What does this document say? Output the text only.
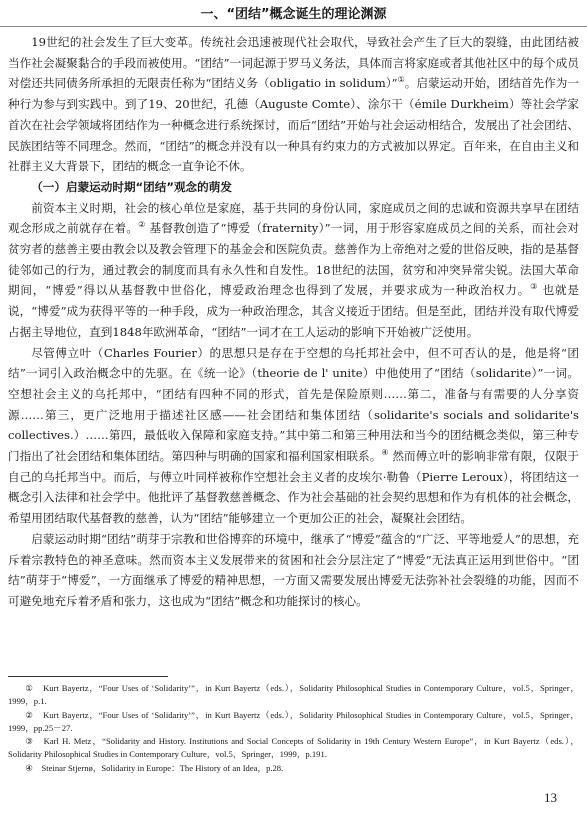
一、“团结”概念诞生的理论渊源

19世纪的社会发生了巨大变革。传统社会迅速被现代社会取代，导致社会产生了巨大的裂缝，由此团结被当作社会凝聚黏合的手段而被使用。“团结”一词起源于罗马义务法，具体而言将家庭或者其他社区中的每个成员对偿还共同债务所承担的无限责任称为“团结义务（obligatio in solidum）”①。启蒙运动开始，团结首先作为一种行为参与到实践中。到了19、20世纪，孔德（Auguste Comte）、涂尔干（émile Durkheim）等社会学家首次在社会学领域将团结作为一种概念进行系统探讨，而后“团结”开始与社会运动相结合，发展出了社会团结、民族团结等不同理念。然而，“团结”的概念并没有以一种具有约束力的方式被加以界定。百年来，在自由主义和社群主义大背景下，团结的概念一直争论不休。

（一）启蒙运动时期“团结”观念的萌发

前资本主义时期，社会的核心单位是家庭，基于共同的身份认同，家庭成员之间的忠诚和资源共享早在团结观念形成之前就存在着。② 基督教创造了“博爱（fraternity）”一词，用于形容家庭成员之间的关系，而社会对贫穷者的慈善主要由教会以及教会管理下的基金会和医院负责。慈善作为上帝绝对之爱的世俗反映，指的是基督徒邻如己的行为，通过教会的制度而具有永久性和自发性。18世纪的法国，贫穷和冲突异常尖锐。法国大革命期间，“博爱”得以从基督教中世俗化，博爱政治理念也得到了发展，并要求成为一种政治权力。③ 也就是说，“博爱”成为获得平等的一种手段，成为一种政治理念，其含义接近于团结。但是至此，团结并没有取代博爱占据主导地位，直到1848年欧洲革命，“团结”一词才在工人运动的影响下开始被广泛使用。

尽管傅立叶（Charles Fourier）的思想只是存在于空想的乌托邦社会中，但不可否认的是，他是将“团结”一词引入政治概念中的先驱。在《统一论》（theorie de l' unite）中他使用了“团结（solidarite）”一词。空想社会主义的乌托邦中，“团结有四种不同的形式，首先是保险原则……第二，准备与有需要的人分享资源……第三，更广泛地用于描述社区感——社会团结和集体团结（solidarite's socials and solidarite's collectives.）……第四，最低收入保障和家庭支持。”其中第二和第三种用法和当今的团结概念类似，第三种专门指出了社会团结和集体团结。第四种与明确的国家和福利国家相联系。④ 然而傅立叶的影响非常有限，仅限于自己的乌托邦当中。而后，与傅立叶同样被称作空想社会主义者的皮埃尔·勒鲁（Pierre Leroux），将团结这一概念引入法律和社会学中。他批评了基督教慈善概念、作为社会基础的社会契约思想和作为有机体的社会概念，希望用团结取代基督教的慈善，认为“团结”能够建立一个更加公正的社会，凝聚社会团结。

启蒙运动时期“团结”萌芽于宗教和世俗博弈的环境中，继承了“博爱”蕴含的“广泛、平等地爱人”的思想，充斥着宗教特色的神圣意味。然而资本主义发展带来的贫困和社会分层注定了“博爱”无法真正运用到世俗中。“团结”萌芽于“博爱”，一方面继承了博爱的精神思想，一方面又需要发展出博爱无法弥补社会裂缝的功能，因而不可避免地充斥着矛盾和张力，这也成为“团结”概念和功能探讨的核心。

①　Kurt Bayertz，“Four Uses of ‘Solidarity’”，in Kurt Bayertz（eds.），Solidarity Philosophical Studies in Contemporary Culture，vol.5，Springer，1999，p.1.
②　Kurt Bayertz，“Four Uses of ‘Solidarity’”，in Kurt Bayertz（eds.），Solidarity Philosophical Studies in Contemporary Culture，vol.5，Springer，1999，pp.25－27.
③　Karl H. Metz，“Solidarity and History. Institutions and Social Concepts of Solidarity in 19th Century Western Europe”，in Kurt Bayertz（eds.），Solidarity Philosophical Studies in Contemporary Culture，vol.5，Springer，1999，p.191.
④　Steinar Stjernø，Solidarity in Europe：The History of an Idea，p.28.
13
